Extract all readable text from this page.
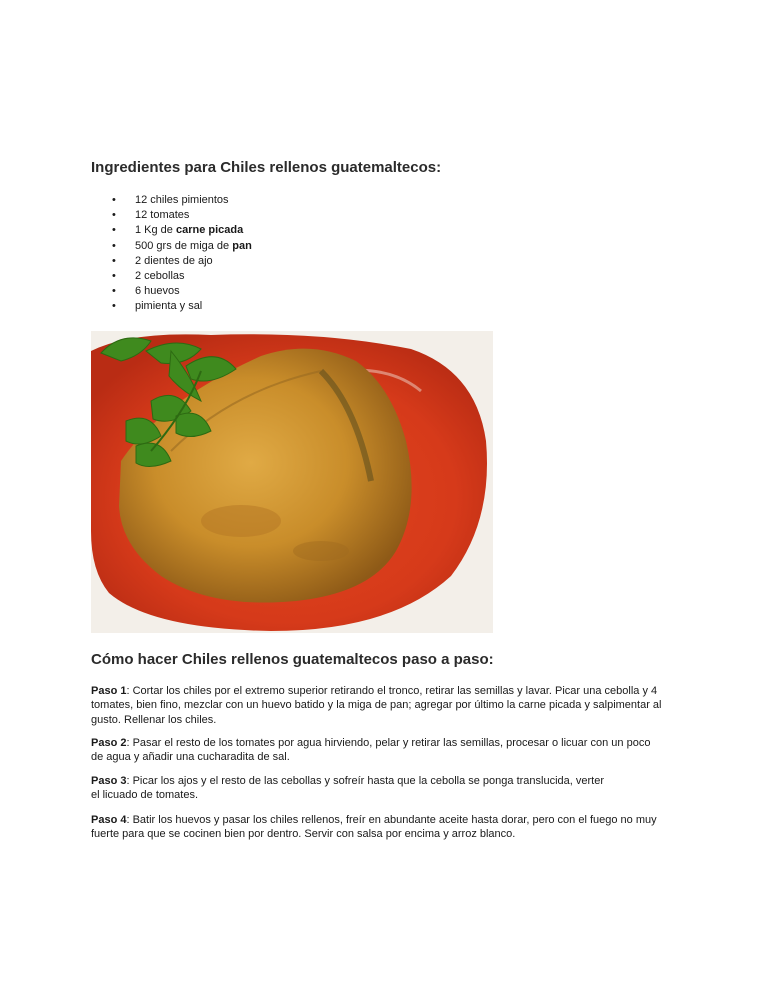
Ingredientes para Chiles rellenos guatemaltecos:
• 12 chiles pimientos
• 12 tomates
• 1 Kg de carne picada
• 500 grs de miga de pan
• 2 dientes de ajo
• 2 cebollas
• 6 huevos
• pimienta y sal
Cómo hacer Chiles rellenos guatemaltecos paso a paso:

Paso 1: Cortar los chiles por el extremo superior retirando el tronco, retirar las semillas y lavar. Picar una cebolla y 4
tomates, bien fino, mezclar con un huevo batido y la miga de pan; agregar por último la carne picada y salpimentar al
gusto. Rellenar los chiles.

Paso 2: Pasar el resto de los tomates por agua hirviendo, pelar y retirar las semillas, procesar o licuar con un poco
de agua y añadir una cucharadita de sal.

Paso 3: Picar los ajos y el resto de las cebollas y sofreír hasta que la cebolla se ponga translucida, verter
el licuado de tomates.

Paso 4: Batir los huevos y pasar los chiles rellenos, freír en abundante aceite hasta dorar, pero con el fuego no muy
fuerte para que se cocinen bien por dentro. Servir con salsa por encima y arroz blanco.
